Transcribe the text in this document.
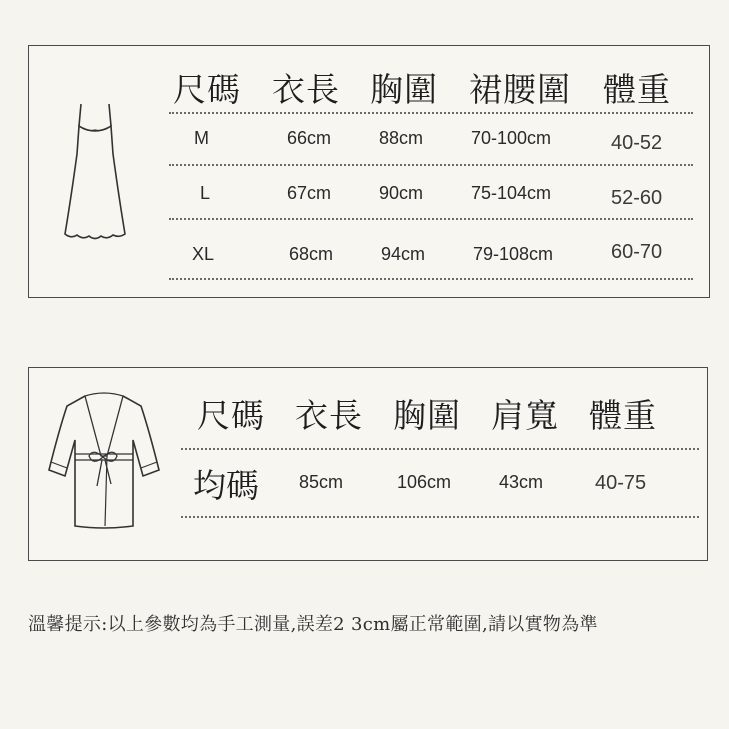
尺碼 衣長 胸圍 裙腰圍 體重
M	66cm	88cm	70-100cm	40-52
L	67cm	90cm	75-104cm	52-60
XL	68cm	94cm	79-108cm	60-70
尺碼 衣長 胸圍 肩寬 體重
均碼 85cm	106cm	43cm	40-75
溫馨提示:以上參數均為手工測量,誤差2 3cm屬正常範圍,請以實物為準
